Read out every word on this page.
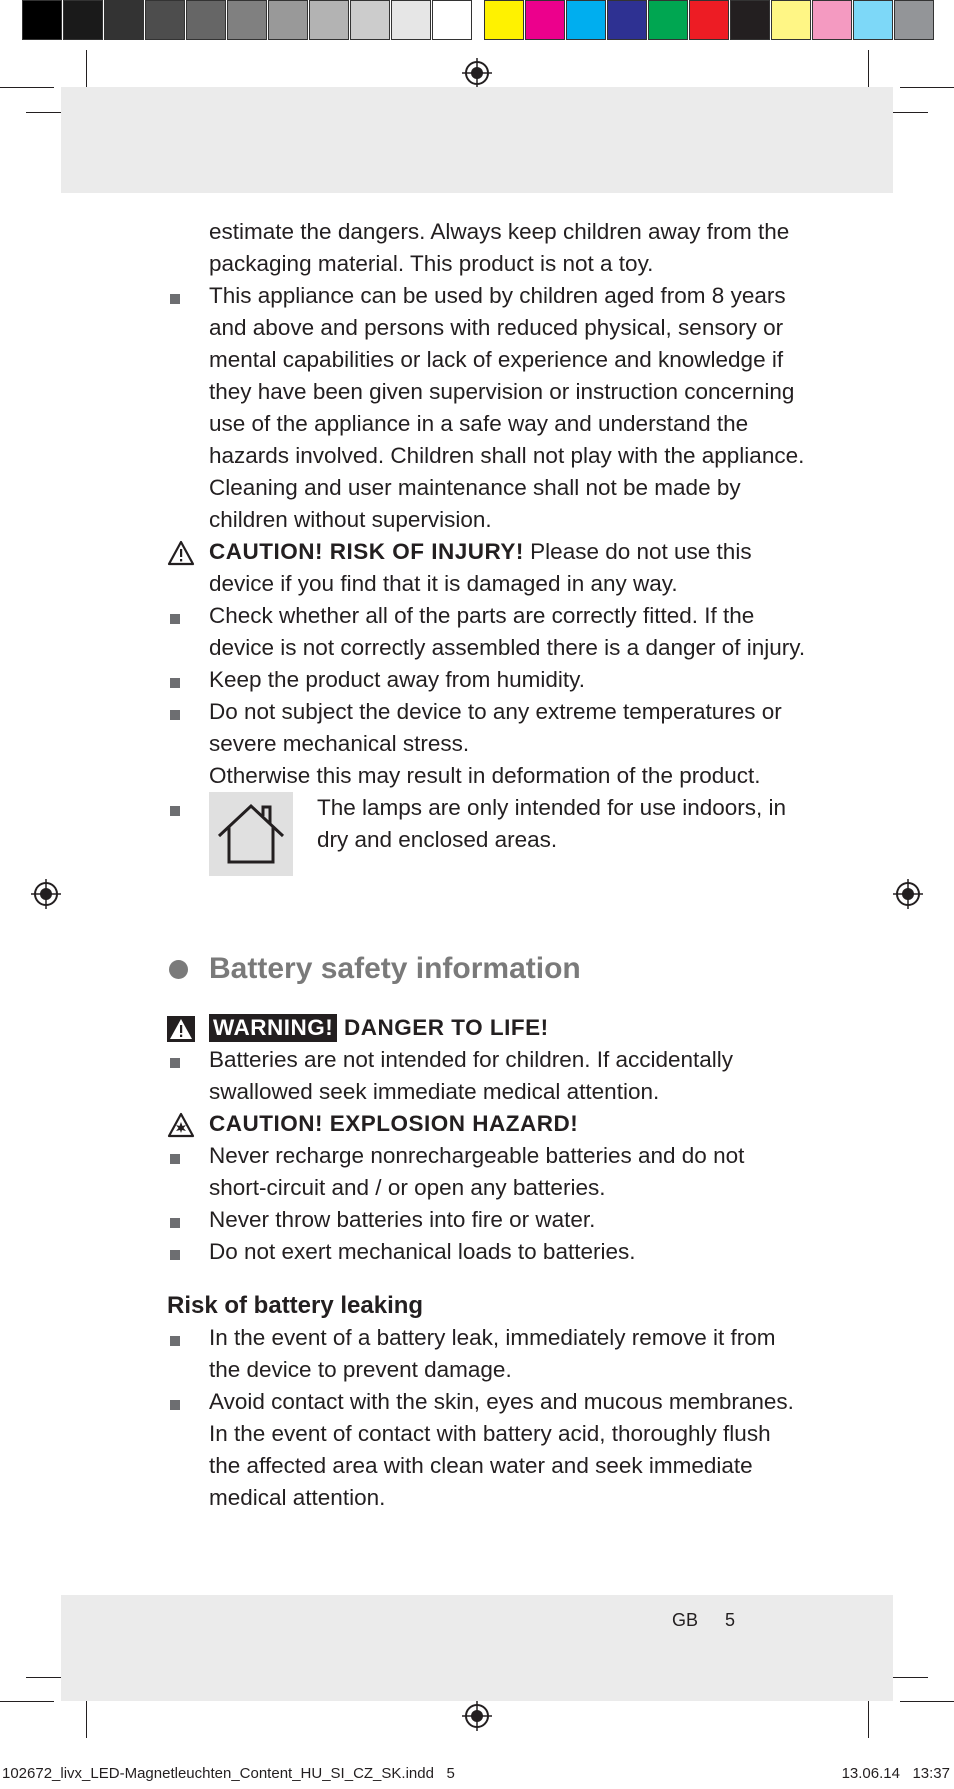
estimate the dangers. Always keep children away from the packaging material. This product is not a toy.
This appliance can be used by children aged from 8 years and above and persons with reduced physical, sensory or mental capabilities or lack of experience and knowledge if they have been given supervision or instruction concerning use of the appliance in a safe way and understand the hazards involved. Children shall not play with the appliance. Cleaning and user maintenance shall not be made by children without supervision.
CAUTION! RISK OF INJURY! Please do not use this device if you find that it is damaged in any way.
Check whether all of the parts are correctly fitted. If the device is not correctly assembled there is a danger of injury.
Keep the product away from humidity.
Do not subject the device to any extreme temperatures or severe mechanical stress.
Otherwise this may result in deformation of the product.
The lamps are only intended for use indoors, in dry and enclosed areas.
Battery safety information
WARNING! DANGER TO LIFE!
Batteries are not intended for children. If accidentally swallowed seek immediate medical attention.
CAUTION! EXPLOSION HAZARD!
Never recharge nonrechargeable batteries and do not short-circuit and / or open any batteries.
Never throw batteries into fire or water.
Do not exert mechanical loads to batteries.
Risk of battery leaking
In the event of a battery leak, immediately remove it from the device to prevent damage.
Avoid contact with the skin, eyes and mucous membranes. In the event of contact with battery acid, thoroughly flush the affected area with clean water and seek immediate medical attention.
GB 5
102672_livx_LED-Magnetleuchten_Content_HU_SI_CZ_SK.indd   5	13.06.14   13:37
